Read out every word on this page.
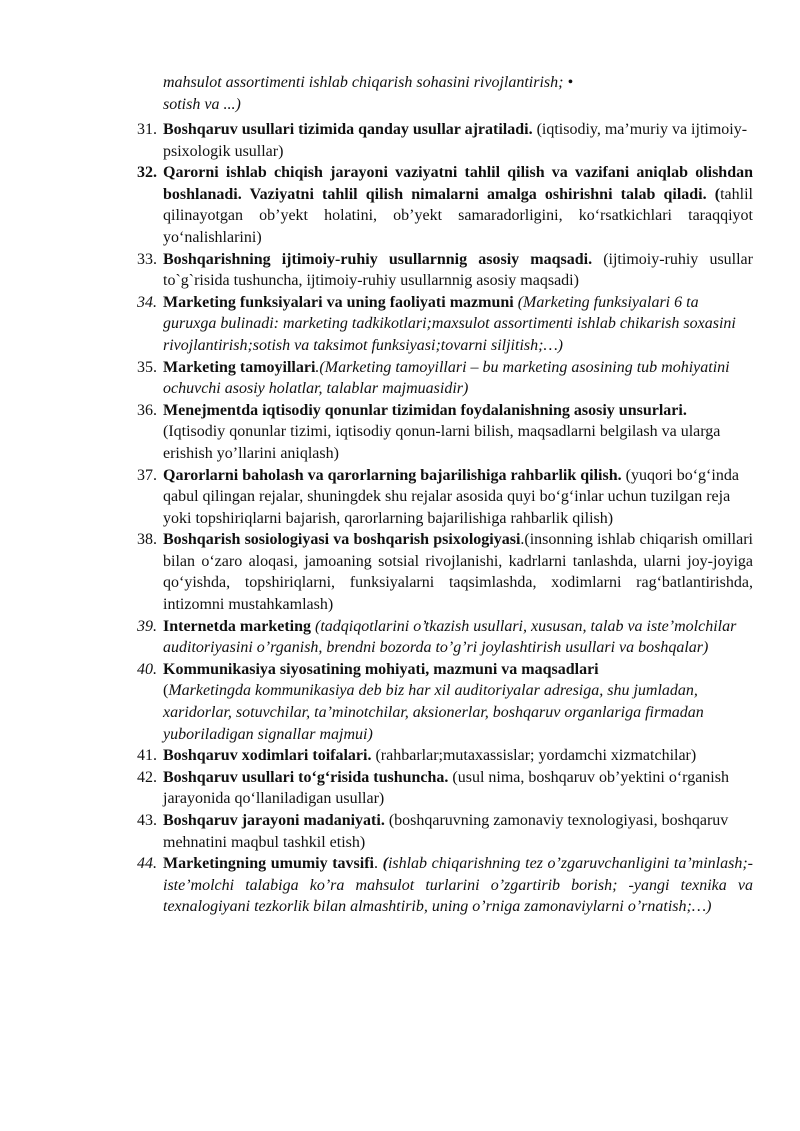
mahsulot assortimenti ishlab chiqarish sohasini rivojlantirish; •
sotish va ...)
31. Boshqaruv usullari tizimida qanday usullar ajratiladi. (iqtisodiy, ma’muriy va ijtimoiy-psixologik usullar)
32. Qarorni ishlab chiqish jarayoni vaziyatni tahlil qilish va vazifani aniqlab olishdan boshlanadi. Vaziyatni tahlil qilish nimalarni amalga oshirishni talab qiladi. (tahlil qilinayotgan ob’yekt holatini, ob’yekt samaradorligini, ko‘rsatkichlari taraqqiyot yo‘nalishlarini)
33. Boshqarishning ijtimoiy-ruhiy usullarnnig asosiy maqsadi. (ijtimoiy-ruhiy usullar to`g`risida tushuncha, ijtimoiy-ruhiy usullarnnig asosiy maqsadi)
34. Marketing funksiyalari va uning faoliyati mazmuni (Marketing funksiyalari 6 ta guruxga bulinadi: marketing tadkikotlari;maxsulot assortimenti ishlab chikarish soxasini rivojlantirish;sotish va taksimot funksiyasi;tovarni siljitish;…)
35. Marketing tamoyillari.(Marketing tamoyillari – bu marketing asosining tub mohiyatini ochuvchi asosiy holatlar, talablar majmuasidir)
36. Menejmentda iqtisodiy qonunlar tizimidan foydalanishning asosiy unsurlari. (Iqtisodiy qonunlar tizimi, iqtisodiy qonun-larni bilish, maqsadlarni belgilash va ularga erishish yo’llarini aniqlash)
37. Qarorlarni baholash va qarorlarning bajarilishiga rahbarlik qilish. (yuqori bo‘g‘inda qabul qilingan rejalar, shuningdek shu rejalar asosida quyi bo‘g‘inlar uchun tuzilgan reja yoki topshiriqlarni bajarish, qarorlarning bajarilishiga rahbarlik qilish)
38. Boshqarish sosiologiyasi va boshqarish psixologiyasi.(insonning ishlab chiqarish omillari bilan o‘zaro aloqasi, jamoaning sotsial rivojlanishi, kadrlarni tanlashda, ularni joy-joyiga qo‘yishda, topshiriqlarni, funksiyalarni taqsimlashda, xodimlarni rag‘batlantirishda, intizomni mustahkamlash)
39. Internetda marketing (tadqiqotlarini o’tkazish usullari, xususan, talab va iste’molchilar auditoriyasini o’rganish, brendni bozorda to’g’ri joylashtirish usullari va boshqalar)
40. Kommunikasiya siyosatining mohiyati, mazmuni va maqsadlari
(Marketingda kommunikasiya deb biz har xil auditoriyalar adresiga, shu jumladan, xaridorlar, sotuvchilar, ta’minotchilar, aksionerlar, boshqaruv organlariga firmadan yuboriladigan signallar majmui)
41. Boshqaruv xodimlari toifalari. (rahbarlar;mutaxassislar; yordamchi xizmatchilar)
42. Boshqaruv usullari to‘g‘risida tushuncha. (usul nima, boshqaruv ob’yektini o‘rganish jarayonida qo‘llaniladigan usullar)
43. Boshqaruv jarayoni madaniyati. (boshqaruvning zamonaviy texnologiyasi, boshqaruv mehnatini maqbul tashkil etish)
44. Marketingning umumiy tavsifi. (ishlab chiqarishning tez o’zgaruvchanligini ta’minlash;-iste’molchi talabiga ko’ra mahsulot turlarini o’zgartirib borish; -yangi texnika va texnalogiyani tezkorlik bilan almashtirib, uning o’rniga zamonaviylarni o’rnatish;…)
